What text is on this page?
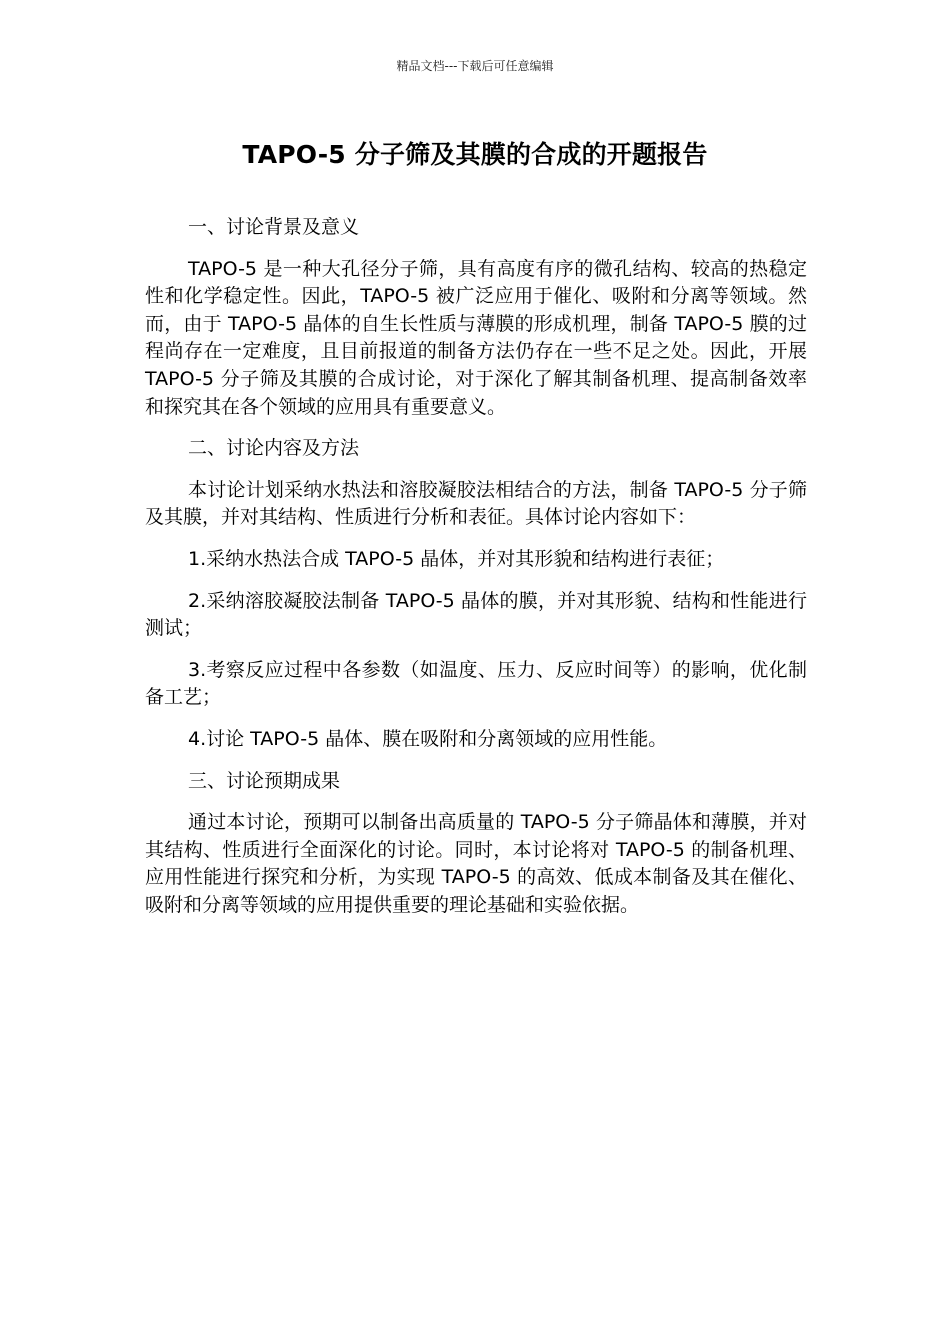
精品文档---下载后可任意编辑
TAPO-5 分子筛及其膜的合成的开题报告

一、讨论背景及意义

TAPO-5 是一种大孔径分子筛，具有高度有序的微孔结构、较高的热稳定性和化学稳定性。因此，TAPO-5 被广泛应用于催化、吸附和分离等领域。然而，由于 TAPO-5 晶体的自生长性质与薄膜的形成机理，制备 TAPO-5 膜的过程尚存在一定难度，且目前报道的制备方法仍存在一些不足之处。因此，开展 TAPO-5 分子筛及其膜的合成讨论，对于深化了解其制备机理、提高制备效率和探究其在各个领域的应用具有重要意义。

二、讨论内容及方法

本讨论计划采纳水热法和溶胶凝胶法相结合的方法，制备 TAPO-5 分子筛及其膜，并对其结构、性质进行分析和表征。具体讨论内容如下：

1.采纳水热法合成 TAPO-5 晶体，并对其形貌和结构进行表征；

2.采纳溶胶凝胶法制备 TAPO-5 晶体的膜，并对其形貌、结构和性能进行测试；

3.考察反应过程中各参数（如温度、压力、反应时间等）的影响，优化制备工艺；

4.讨论 TAPO-5 晶体、膜在吸附和分离领域的应用性能。

三、讨论预期成果

通过本讨论，预期可以制备出高质量的 TAPO-5 分子筛晶体和薄膜，并对其结构、性质进行全面深化的讨论。同时，本讨论将对 TAPO-5 的制备机理、应用性能进行探究和分析，为实现 TAPO-5 的高效、低成本制备及其在催化、吸附和分离等领域的应用提供重要的理论基础和实验依据。
